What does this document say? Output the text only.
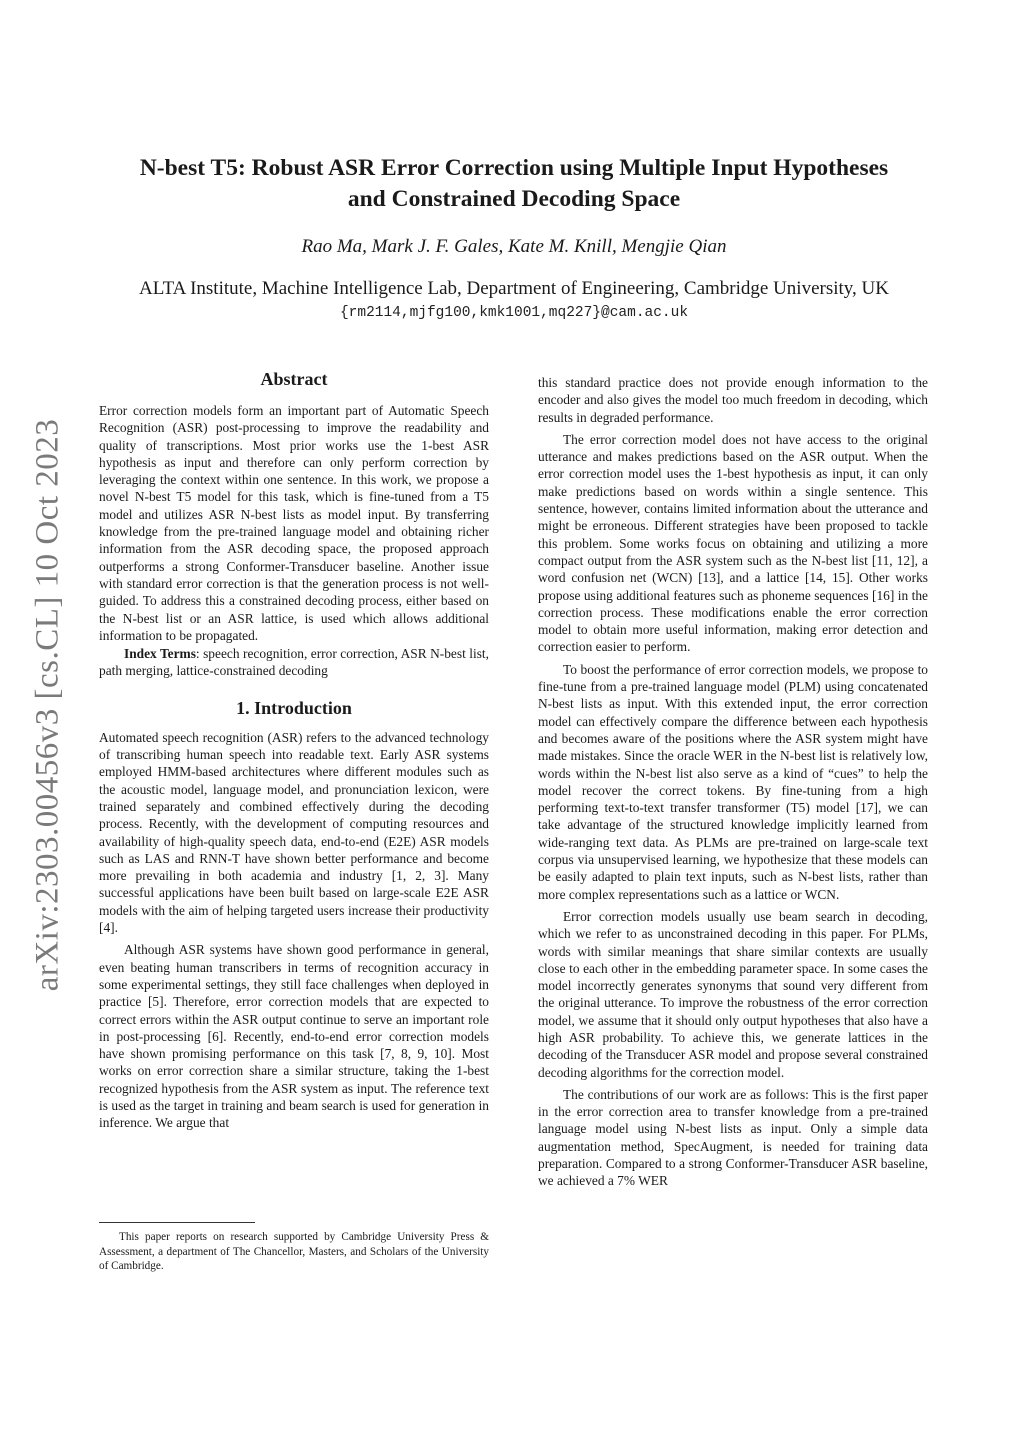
arXiv:2303.00456v3 [cs.CL] 10 Oct 2023
N-best T5: Robust ASR Error Correction using Multiple Input Hypotheses
and Constrained Decoding Space
Rao Ma, Mark J. F. Gales, Kate M. Knill, Mengjie Qian
ALTA Institute, Machine Intelligence Lab, Department of Engineering, Cambridge University, UK
{rm2114,mjfg100,kmk1001,mq227}@cam.ac.uk
Abstract

Error correction models form an important part of Automatic Speech Recognition (ASR) post-processing to improve the readability and quality of transcriptions. Most prior works use the 1-best ASR hypothesis as input and therefore can only perform correction by leveraging the context within one sentence. In this work, we propose a novel N-best T5 model for this task, which is fine-tuned from a T5 model and utilizes ASR N-best lists as model input. By transferring knowledge from the pre-trained language model and obtaining richer information from the ASR decoding space, the proposed approach outperforms a strong Conformer-Transducer baseline. Another issue with standard error correction is that the generation process is not well-guided. To address this a constrained decoding process, either based on the N-best list or an ASR lattice, is used which allows additional information to be propagated.

Index Terms: speech recognition, error correction, ASR N-best list, path merging, lattice-constrained decoding

1. Introduction

Automated speech recognition (ASR) refers to the advanced technology of transcribing human speech into readable text. Early ASR systems employed HMM-based architectures where different modules such as the acoustic model, language model, and pronunciation lexicon, were trained separately and combined effectively during the decoding process. Recently, with the development of computing resources and availability of high-quality speech data, end-to-end (E2E) ASR models such as LAS and RNN-T have shown better performance and become more prevailing in both academia and industry [1, 2, 3]. Many successful applications have been built based on large-scale E2E ASR models with the aim of helping targeted users increase their productivity [4].

Although ASR systems have shown good performance in general, even beating human transcribers in terms of recognition accuracy in some experimental settings, they still face challenges when deployed in practice [5]. Therefore, error correction models that are expected to correct errors within the ASR output continue to serve an important role in post-processing [6]. Recently, end-to-end error correction models have shown promising performance on this task [7, 8, 9, 10]. Most works on error correction share a similar structure, taking the 1-best recognized hypothesis from the ASR system as input. The reference text is used as the target in training and beam search is used for generation in inference. We argue that

This paper reports on research supported by Cambridge University Press & Assessment, a department of The Chancellor, Masters, and Scholars of the University of Cambridge.

this standard practice does not provide enough information to the encoder and also gives the model too much freedom in decoding, which results in degraded performance.

The error correction model does not have access to the original utterance and makes predictions based on the ASR output. When the error correction model uses the 1-best hypothesis as input, it can only make predictions based on words within a single sentence. This sentence, however, contains limited information about the utterance and might be erroneous. Different strategies have been proposed to tackle this problem. Some works focus on obtaining and utilizing a more compact output from the ASR system such as the N-best list [11, 12], a word confusion net (WCN) [13], and a lattice [14, 15]. Other works propose using additional features such as phoneme sequences [16] in the correction process. These modifications enable the error correction model to obtain more useful information, making error detection and correction easier to perform.

To boost the performance of error correction models, we propose to fine-tune from a pre-trained language model (PLM) using concatenated N-best lists as input. With this extended input, the error correction model can effectively compare the difference between each hypothesis and becomes aware of the positions where the ASR system might have made mistakes. Since the oracle WER in the N-best list is relatively low, words within the N-best list also serve as a kind of “cues” to help the model recover the correct tokens. By fine-tuning from a high performing text-to-text transfer transformer (T5) model [17], we can take advantage of the structured knowledge implicitly learned from wide-ranging text data. As PLMs are pre-trained on large-scale text corpus via unsupervised learning, we hypothesize that these models can be easily adapted to plain text inputs, such as N-best lists, rather than more complex representations such as a lattice or WCN.

Error correction models usually use beam search in decoding, which we refer to as unconstrained decoding in this paper. For PLMs, words with similar meanings that share similar contexts are usually close to each other in the embedding parameter space. In some cases the model incorrectly generates synonyms that sound very different from the original utterance. To improve the robustness of the error correction model, we assume that it should only output hypotheses that also have a high ASR probability. To achieve this, we generate lattices in the decoding of the Transducer ASR model and propose several constrained decoding algorithms for the correction model.

The contributions of our work are as follows: This is the first paper in the error correction area to transfer knowledge from a pre-trained language model using N-best lists as input. Only a simple data augmentation method, SpecAugment, is needed for training data preparation. Compared to a strong Conformer-Transducer ASR baseline, we achieved a 7% WER
